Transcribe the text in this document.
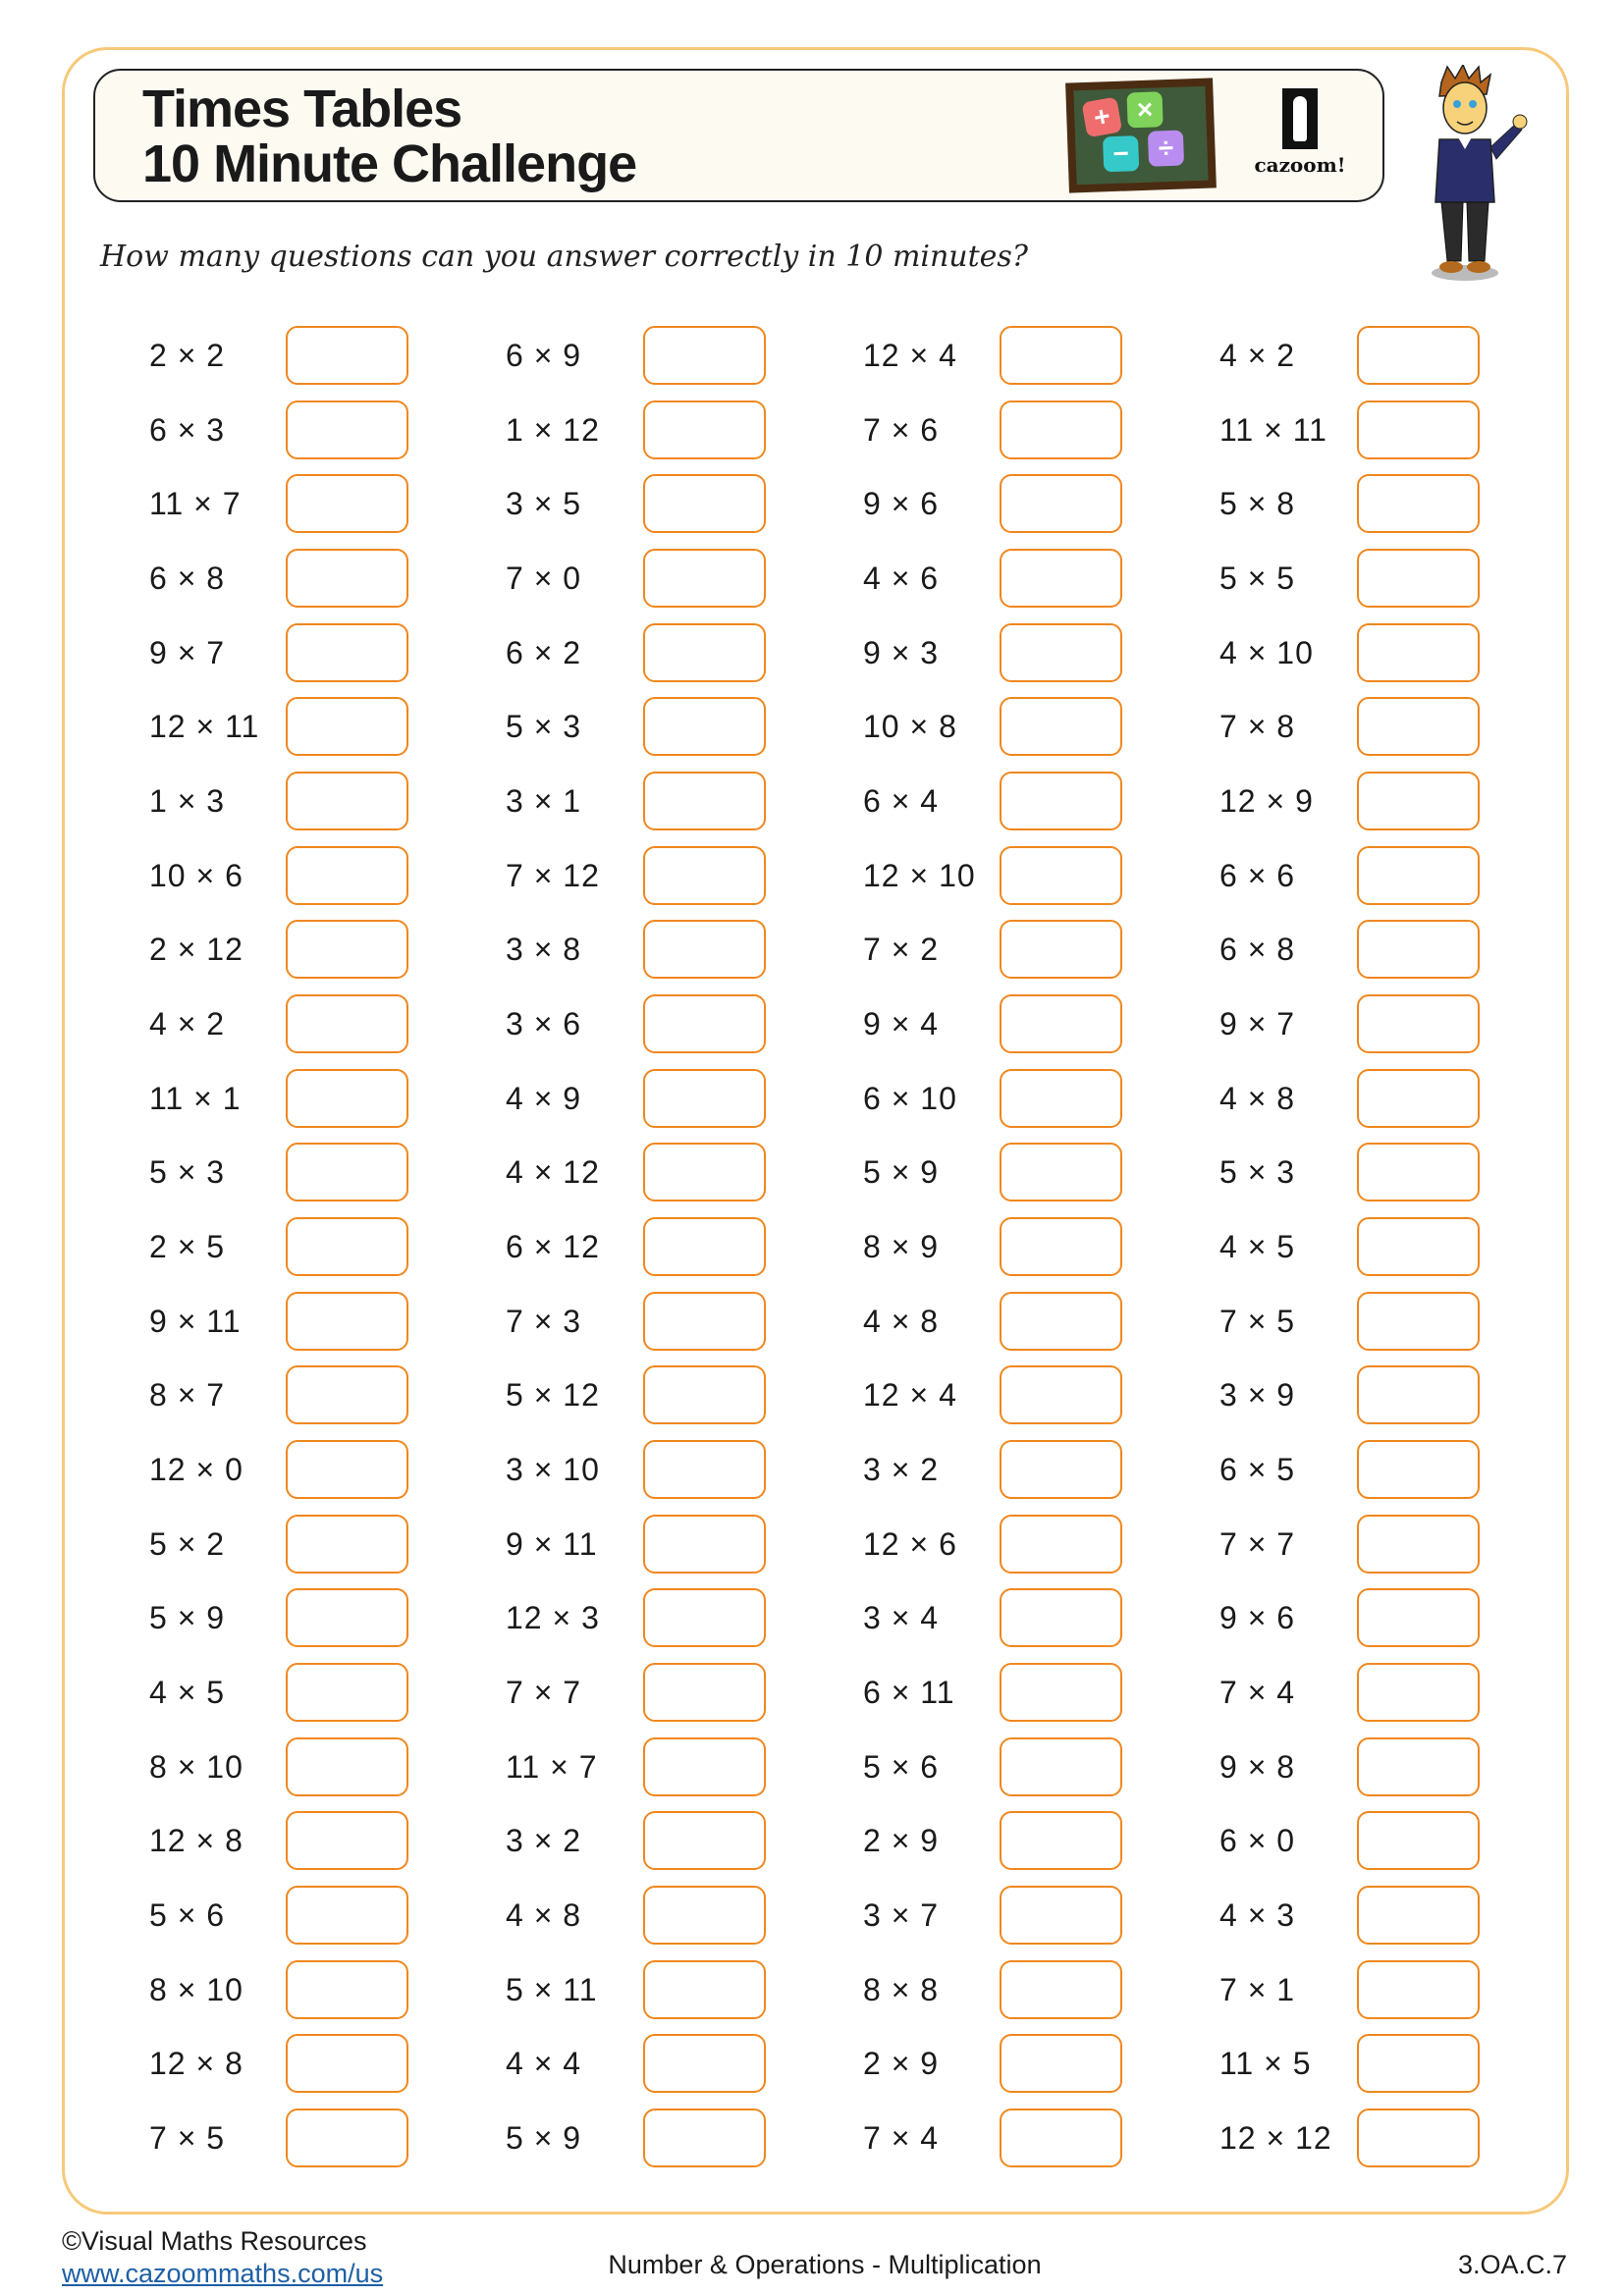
Times Tables
10 Minute Challenge
+ ×
−	÷
cazoom!
How many questions can you answer correctly in 10 minutes?
2 × 2
6 × 3
11 × 7
6 × 8
9 × 7
12 × 11
1 × 3
10 × 6
2 × 12
4 × 2
11 × 1
5 × 3
2 × 5
9 × 11
8 × 7
12 × 0
5 × 2
5 × 9
4 × 5
8 × 10
12 × 8
5 × 6
8 × 10
12 × 8
7 × 5
6 × 9
1 × 12
3 × 5
7 × 0
6 × 2
5 × 3
3 × 1
7 × 12
3 × 8
3 × 6
4 × 9
4 × 12
6 × 12
7 × 3
5 × 12
3 × 10
9 × 11
12 × 3
7 × 7
11 × 7
3 × 2
4 × 8
5 × 11
4 × 4
5 × 9
12 × 4
7 × 6
9 × 6
4 × 6
9 × 3
10 × 8
6 × 4
12 × 10
7 × 2
9 × 4
6 × 10
5 × 9
8 × 9
4 × 8
12 × 4
3 × 2
12 × 6
3 × 4
6 × 11
5 × 6
2 × 9
3 × 7
8 × 8
2 × 9
7 × 4
4 × 2
11 × 11
5 × 8
5 × 5
4 × 10
7 × 8
12 × 9
6 × 6
6 × 8
9 × 7
4 × 8
5 × 3
4 × 5
7 × 5
3 × 9
6 × 5
7 × 7
9 × 6
7 × 4
9 × 8
6 × 0
4 × 3
7 × 1
11 × 5
12 × 12
©Visual Maths Resources
www.cazoommaths.com/us	Number & Operations - Multiplication	3.OA.C.7
